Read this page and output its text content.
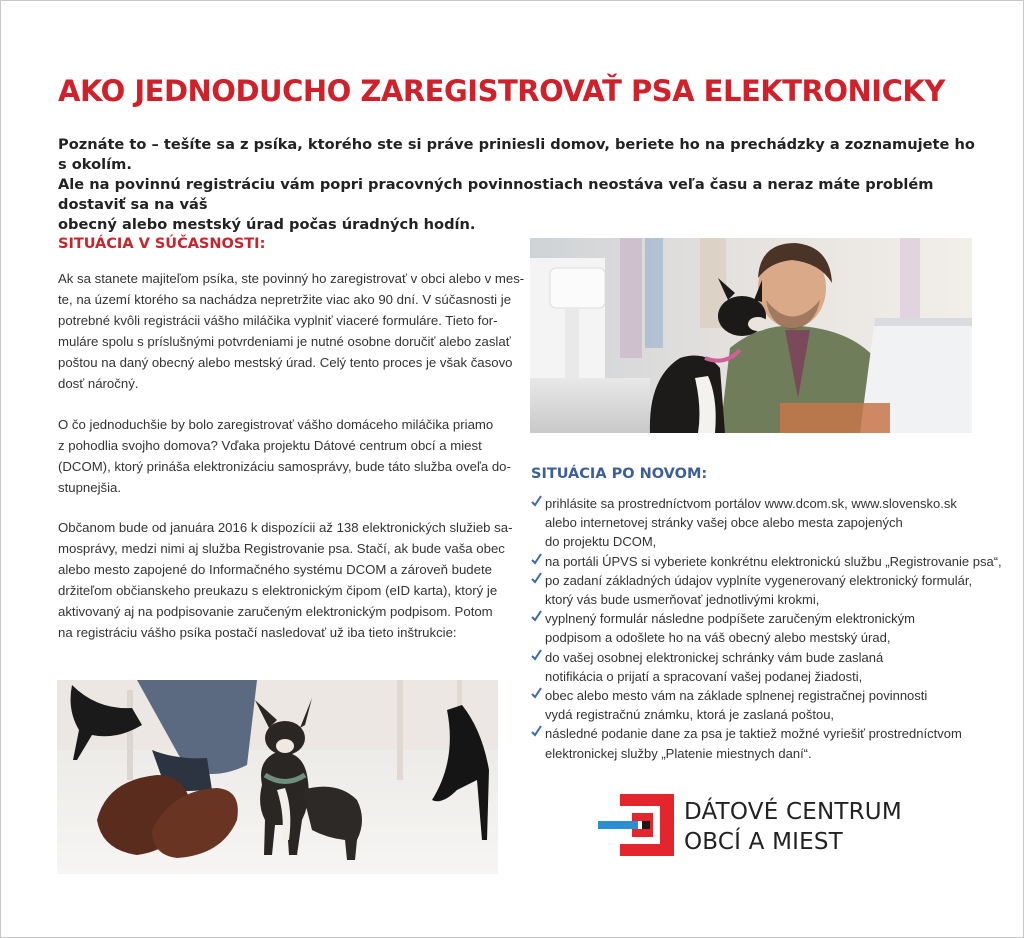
AKO JEDNODUCHO ZAREGISTROVAŤ PSA ELEKTRONICKY

Poznáte to – tešíte sa z psíka, ktorého ste si práve priniesli domov, beriete ho na prechádzky a zoznamujete ho s okolím.

Ale na povinnú registráciu vám popri pracovných povinnostiach neostáva veľa času a neraz máte problém dostaviť sa na váš

obecný alebo mestský úrad počas úradných hodín.

SITUÁCIA V SÚČASNOSTI:

Ak sa stanete majiteľom psíka, ste povinný ho zaregistrovať v obci alebo v mes-

te, na území ktorého sa nachádza nepretržite viac ako 90 dní. V súčasnosti je

potrebné kvôli registrácii vášho miláčika vyplniť viaceré formuláre. Tieto for-

muláre spolu s príslušnými potvrdeniami je nutné osobne doručiť alebo zaslať

poštou na daný obecný alebo mestský úrad. Celý tento proces je však časovo

dosť náročný.

O čo jednoduchšie by bolo zaregistrovať vášho domáceho miláčika priamo

z pohodlia svojho domova? Vďaka projektu Dátové centrum obcí a miest

(DCOM), ktorý prináša elektronizáciu samosprávy, bude táto služba oveľa do-

stupnejšia.

Občanom bude od januára 2016 k dispozícii až 138 elektronických služieb sa-

mosprávy, medzi nimi aj služba Registrovanie psa. Stačí, ak bude vaša obec

alebo mesto zapojené do Informačného systému DCOM a zároveň budete

držiteľom občianskeho preukazu s elektronickým čipom (eID karta), ktorý je

aktivovaný aj na podpisovanie zaručeným elektronickým podpisom. Potom

na registráciu vášho psíka postačí nasledovať už iba tieto inštrukcie:

SITUÁCIA PO NOVOM:
prihlásite sa prostredníctvom portálov www.dcom.sk, www.slovensko.sk
alebo internetovej stránky vašej obce alebo mesta zapojených
do projektu DCOM,
na portáli ÚPVS si vyberiete konkrétnu elektronickú službu „Registrovanie psa“,
po zadaní základných údajov vyplníte vygenerovaný elektronický formulár,
ktorý vás bude usmerňovať jednotlivými krokmi,
vyplnený formulár následne podpíšete zaručeným elektronickým
podpisom a odošlete ho na váš obecný alebo mestský úrad,
do vašej osobnej elektronickej schránky vám bude zaslaná
notifikácia o prijatí a spracovaní vašej podanej žiadosti,
obec alebo mesto vám na základe splnenej registračnej povinnosti
vydá registračnú známku, ktorá je zaslaná poštou,
následné podanie dane za psa je taktiež možné vyriešiť prostredníctvom
elektronickej služby „Platenie miestnych daní“.
DÁTOVÉ CENTRUM
OBCÍ A MIEST
